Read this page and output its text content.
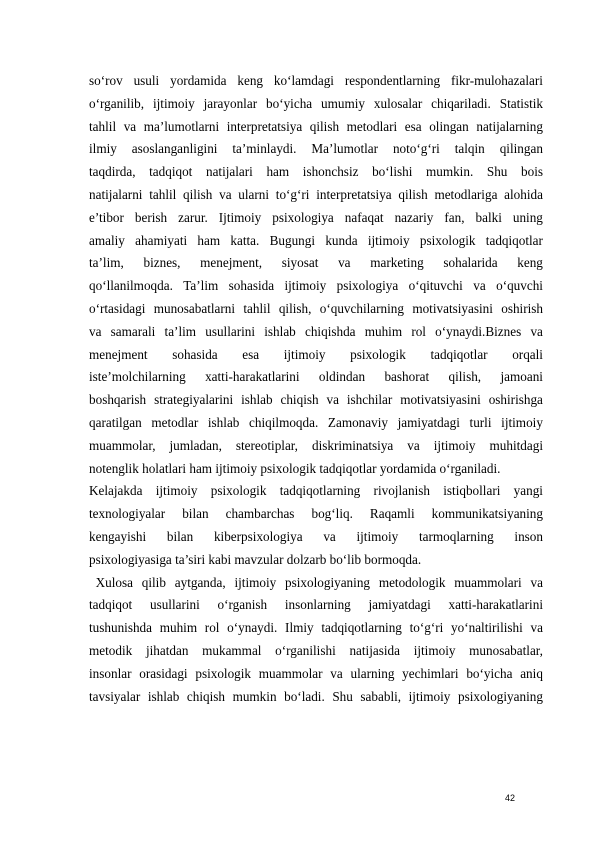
so‘rov usuli yordamida keng ko‘lamdagi respondentlarning fikr-mulohazalari
o‘rganilib, ijtimoiy jarayonlar bo‘yicha umumiy xulosalar chiqariladi. Statistik
tahlil va ma’lumotlarni interpretatsiya qilish metodlari esa olingan natijalarning
ilmiy asoslanganligini ta’minlaydi. Ma’lumotlar noto‘g‘ri talqin qilingan
taqdirda, tadqiqot natijalari ham ishonchsiz bo‘lishi mumkin. Shu bois
natijalarni tahlil qilish va ularni to‘g‘ri interpretatsiya qilish metodlariga alohida
e’tibor berish zarur. Ijtimoiy psixologiya nafaqat nazariy fan, balki uning
amaliy ahamiyati ham katta. Bugungi kunda ijtimoiy psixologik tadqiqotlar
ta’lim, biznes, menejment, siyosat va marketing sohalarida keng
qo‘llanilmoqda. Ta’lim sohasida ijtimoiy psixologiya o‘qituvchi va o‘quvchi
o‘rtasidagi munosabatlarni tahlil qilish, o‘quvchilarning motivatsiyasini oshirish
va samarali ta’lim usullarini ishlab chiqishda muhim rol o‘ynaydi.Biznes va
menejment sohasida esa ijtimoiy psixologik tadqiqotlar orqali
iste’molchilarning xatti-harakatlarini oldindan bashorat qilish, jamoani
boshqarish strategiyalarini ishlab chiqish va ishchilar motivatsiyasini oshirishga
qaratilgan metodlar ishlab chiqilmoqda. Zamonaviy jamiyatdagi turli ijtimoiy
muammolar, jumladan, stereotiplar, diskriminatsiya va ijtimoiy muhitdagi
notenglik holatlari ham ijtimoiy psixologik tadqiqotlar yordamida o‘rganiladi.
Kelajakda ijtimoiy psixologik tadqiqotlarning rivojlanish istiqbollari yangi
texnologiyalar bilan chambarchas bog‘liq. Raqamli kommunikatsiyaning
kengayishi bilan kiberpsixologiya va ijtimoiy tarmoqlarning inson
psixologiyasiga ta’siri kabi mavzular dolzarb bo‘lib bormoqda.
Xulosa qilib aytganda, ijtimoiy psixologiyaning metodologik muammolari va
tadqiqot usullarini o‘rganish insonlarning jamiyatdagi xatti-harakatlarini
tushunishda muhim rol o‘ynaydi. Ilmiy tadqiqotlarning to‘g‘ri yo‘naltirilishi va
metodik jihatdan mukammal o‘rganilishi natijasida ijtimoiy munosabatlar,
insonlar orasidagi psixologik muammolar va ularning yechimlari bo‘yicha aniq
tavsiyalar ishlab chiqish mumkin bo‘ladi. Shu sababli, ijtimoiy psixologiyaning
42
